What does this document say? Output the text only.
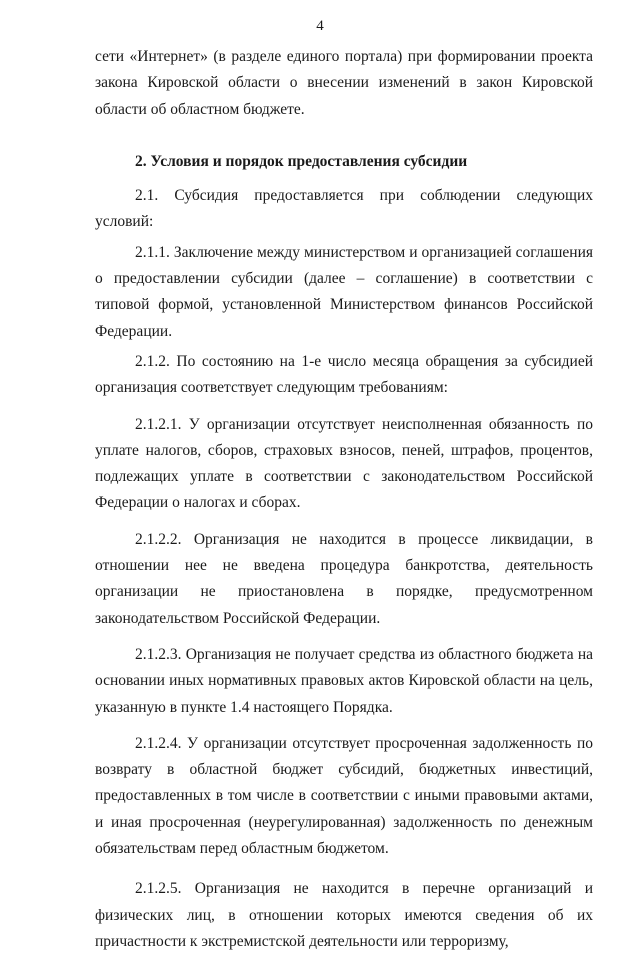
4

сети «Интернет» (в разделе единого портала) при формировании проекта закона Кировской области о внесении изменений в закон Кировской области об областном бюджете.

2. Условия и порядок предоставления субсидии

2.1. Субсидия предоставляется при соблюдении следующих условий:

2.1.1. Заключение между министерством и организацией соглашения о предоставлении субсидии (далее – соглашение) в соответствии с типовой формой, установленной Министерством финансов Российской Федерации.

2.1.2. По состоянию на 1-е число месяца обращения за субсидией организация соответствует следующим требованиям:

2.1.2.1. У организации отсутствует неисполненная обязанность по уплате налогов, сборов, страховых взносов, пеней, штрафов, процентов, подлежащих уплате в соответствии с законодательством Российской Федерации о налогах и сборах.

2.1.2.2. Организация не находится в процессе ликвидации, в отношении нее не введена процедура банкротства, деятельность организации не приостановлена в порядке, предусмотренном законодательством Российской Федерации.

2.1.2.3. Организация не получает средства из областного бюджета на основании иных нормативных правовых актов Кировской области на цель, указанную в пункте 1.4 настоящего Порядка.

2.1.2.4. У организации отсутствует просроченная задолженность по возврату в областной бюджет субсидий, бюджетных инвестиций, предоставленных в том числе в соответствии с иными правовыми актами, и иная просроченная (неурегулированная) задолженность по денежным обязательствам перед областным бюджетом.

2.1.2.5. Организация не находится в перечне организаций и физических лиц, в отношении которых имеются сведения об их причастности к экстремистской деятельности или терроризму,
